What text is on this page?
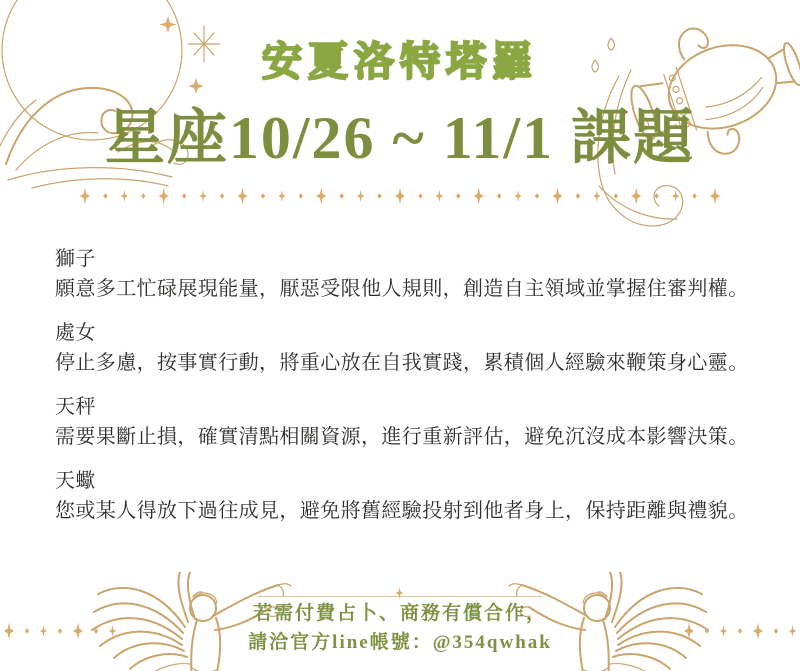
安夏洛特塔羅
星座10/26 ~ 11/1 課題
獅子
願意多工忙碌展現能量，厭惡受限他人規則，創造自主領域並掌握住審判權。
處女
停止多慮，按事實行動，將重心放在自我實踐，累積個人經驗來鞭策身心靈。
天秤
需要果斷止損，確實清點相關資源，進行重新評估，避免沉沒成本影響決策。
天蠍
您或某人得放下過往成見，避免將舊經驗投射到他者身上，保持距離與禮貌。
若需付費占卜、商務有償合作，
請洽官方line帳號：@354qwhak
